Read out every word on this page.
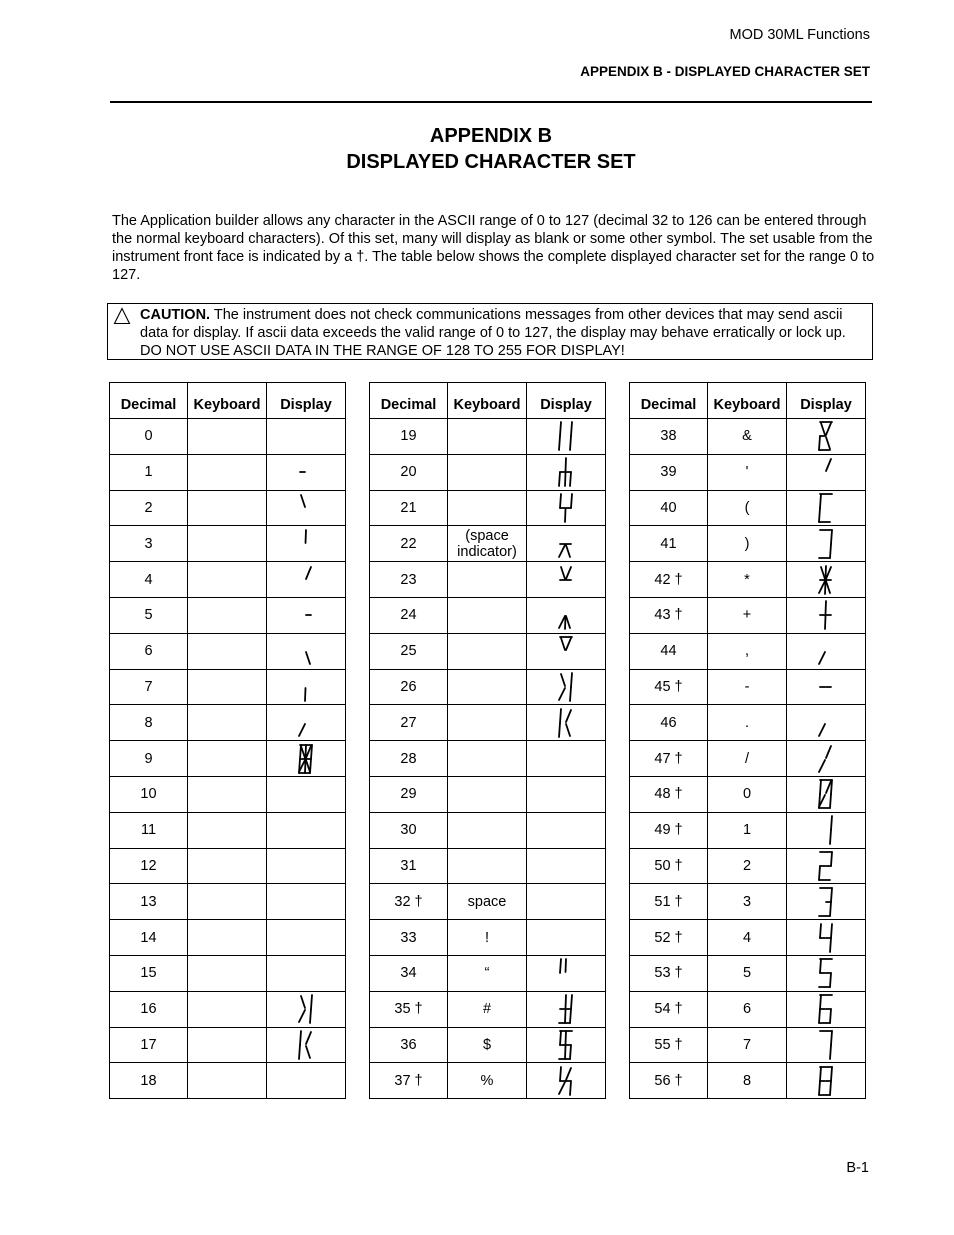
MOD 30ML Functions
APPENDIX B - DISPLAYED CHARACTER SET
APPENDIX B
DISPLAYED CHARACTER SET
The Application builder allows any character in the ASCII range of 0 to 127 (decimal 32 to 126 can be entered through the normal keyboard characters). Of this set, many will display as blank or some other symbol. The set usable from the instrument front face is indicated by a †. The table below shows the complete displayed character set for the range 0 to 127.
CAUTION. The instrument does not check communications messages from other devices that may send ascii data for display. If ascii data exceeds the valid range of 0 to 127, the display may behave erratically or lock up. DO NOT USE ASCII DATA IN THE RANGE OF 128 TO 255 FOR DISPLAY!
Decimal	Keyboard	Display
0		
1		

2		

3		

4		

5		

6		

7		

8		

9		

10		
11		
12		
13		
14		
15		
16		

17		

18		
Decimal	Keyboard	Display
19		

20		

21		

22	(space indicator)	

23		

24		

25		

26		

27		

28		
29		
30		
31		
32 †	space	
33	!	
34	“	

35 †	#	

36	$	

37 †	%	
Decimal	Keyboard	Display
38	&	

39	'	

40	(	

41	)	

42 †	*	

43 †	+	

44	,	

45 †	-	

46	.	

47 †	/	

48 †	0	

49 †	1	

50 †	2	

51 †	3	

52 †	4	

53 †	5	

54 †	6	

55 †	7	

56 †	8	
B-1
